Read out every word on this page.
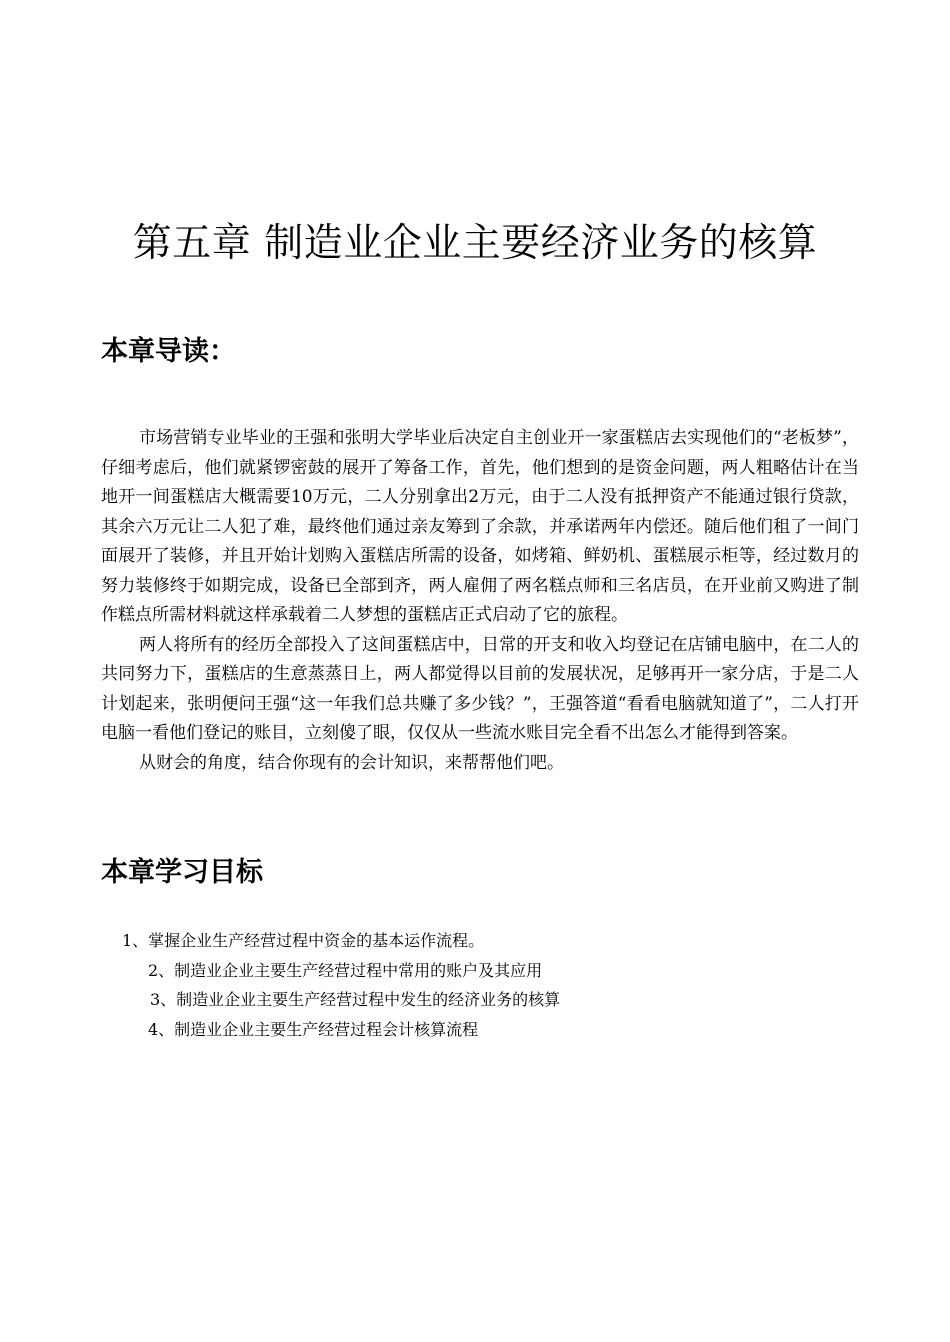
第五章 制造业企业主要经济业务的核算
本章导读：

市场营销专业毕业的王强和张明大学毕业后决定自主创业开一家蛋糕店去实现他们的“老板梦”，仔细考虑后，他们就紧锣密鼓的展开了筹备工作，首先，他们想到的是资金问题，两人粗略估计在当地开一间蛋糕店大概需要10万元，二人分别拿出2万元，由于二人没有抵押资产不能通过银行贷款，其余六万元让二人犯了难，最终他们通过亲友筹到了余款，并承诺两年内偿还。随后他们租了一间门面展开了装修，并且开始计划购入蛋糕店所需的设备，如烤箱、鲜奶机、蛋糕展示柜等，经过数月的努力装修终于如期完成，设备已全部到齐，两人雇佣了两名糕点师和三名店员，在开业前又购进了制作糕点所需材料就这样承载着二人梦想的蛋糕店正式启动了它的旅程。

两人将所有的经历全部投入了这间蛋糕店中，日常的开支和收入均登记在店铺电脑中，在二人的共同努力下，蛋糕店的生意蒸蒸日上，两人都觉得以目前的发展状况，足够再开一家分店，于是二人计划起来，张明便问王强“这一年我们总共赚了多少钱？”，王强答道“看看电脑就知道了”，二人打开电脑一看他们登记的账目，立刻傻了眼，仅仅从一些流水账目完全看不出怎么才能得到答案。

从财会的角度，结合你现有的会计知识，来帮帮他们吧。

本章学习目标
1、掌握企业生产经营过程中资金的基本运作流程。
2、制造业企业主要生产经营过程中常用的账户及其应用
3、制造业企业主要生产经营过程中发生的经济业务的核算
4、制造业企业主要生产经营过程会计核算流程
